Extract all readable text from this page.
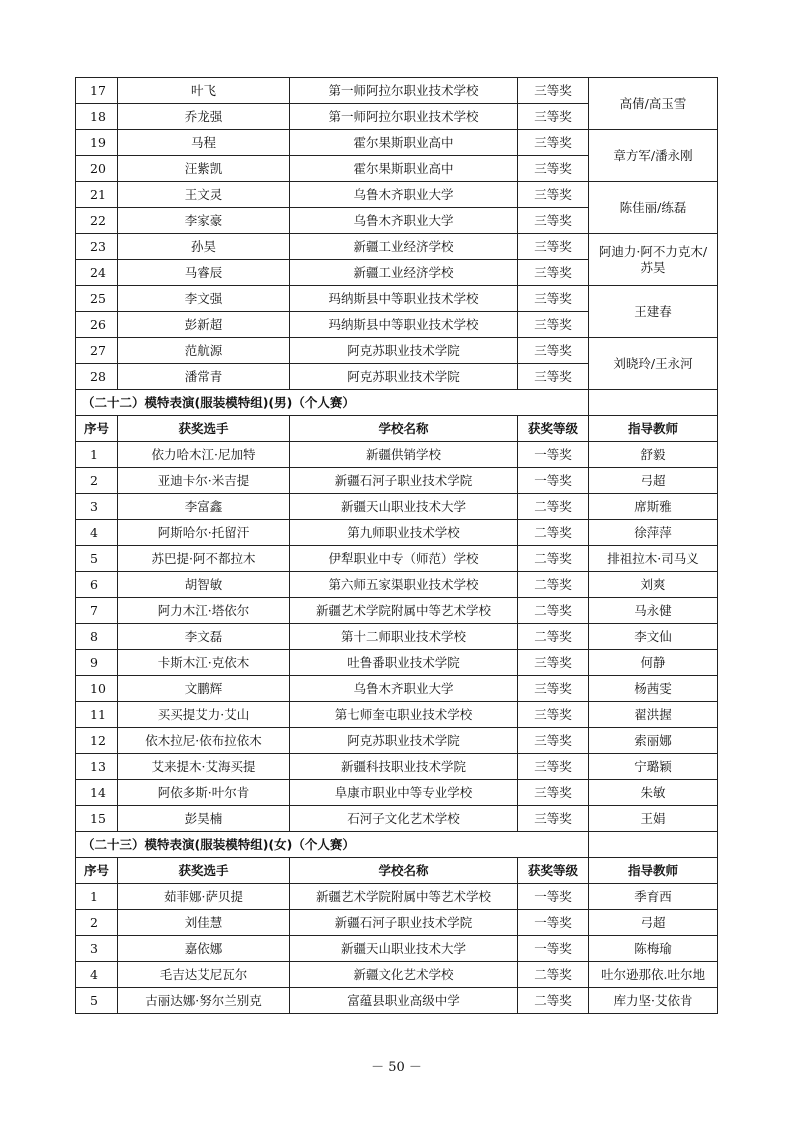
17	叶飞	第一师阿拉尔职业技术学校	三等奖	高倩/高玉雪
18	乔龙强	第一师阿拉尔职业技术学校	三等奖	
19	马程	霍尔果斯职业高中	三等奖	章方军/潘永刚
20	汪紫凯	霍尔果斯职业高中	三等奖	
21	王文灵	乌鲁木齐职业大学	三等奖	陈佳丽/练磊
22	李家豪	乌鲁木齐职业大学	三等奖	
23	孙昊	新疆工业经济学校	三等奖	阿迪力·阿不力克木/苏昊
24	马睿辰	新疆工业经济学校	三等奖	
25	李文强	玛纳斯县中等职业技术学校	三等奖	王建春
26	彭新超	玛纳斯县中等职业技术学校	三等奖	
27	范航源	阿克苏职业技术学院	三等奖	刘晓玲/王永河
28	潘常青	阿克苏职业技术学院	三等奖	
（二十二）模特表演(服装模特组)(男)（个人赛）				
序号	获奖选手	学校名称	获奖等级	指导教师
1	依力哈木江·尼加特	新疆供销学校	一等奖	舒毅
2	亚迪卡尔·米吉提	新疆石河子职业技术学院	一等奖	弓超
3	李富鑫	新疆天山职业技术大学	二等奖	席斯雅
4	阿斯哈尔·托留汗	第九师职业技术学校	二等奖	徐萍萍
5	苏巴提·阿不都拉木	伊犁职业中专（师范）学校	二等奖	排祖拉木·司马义
6	胡智敏	第六师五家渠职业技术学校	二等奖	刘爽
7	阿力木江·塔依尔	新疆艺术学院附属中等艺术学校	二等奖	马永健
8	李文磊	第十二师职业技术学校	二等奖	李文仙
9	卡斯木江·克依木	吐鲁番职业技术学院	三等奖	何静
10	文鹏辉	乌鲁木齐职业大学	三等奖	杨茜雯
11	买买提艾力·艾山	第七师奎屯职业技术学校	三等奖	翟洪握
12	依木拉尼·依布拉依木	阿克苏职业技术学院	三等奖	索丽娜
13	艾来提木·艾海买提	新疆科技职业技术学院	三等奖	宁璐颖
14	阿依多斯·叶尔肯	阜康市职业中等专业学校	三等奖	朱敏
15	彭昊楠	石河子文化艺术学校	三等奖	王娟
（二十三）模特表演(服装模特组)(女)（个人赛）				
序号	获奖选手	学校名称	获奖等级	指导教师
1	茹菲娜·萨贝提	新疆艺术学院附属中等艺术学校	一等奖	季育西
2	刘佳慧	新疆石河子职业技术学院	一等奖	弓超
3	嘉依娜	新疆天山职业技术大学	一等奖	陈梅瑜
4	毛吉达艾尼瓦尔	新疆文化艺术学校	二等奖	吐尔逊那依.吐尔地
5	古丽达娜·努尔兰别克	富蕴县职业高级中学	二等奖	库力坚·艾依肯
－ 50 －
